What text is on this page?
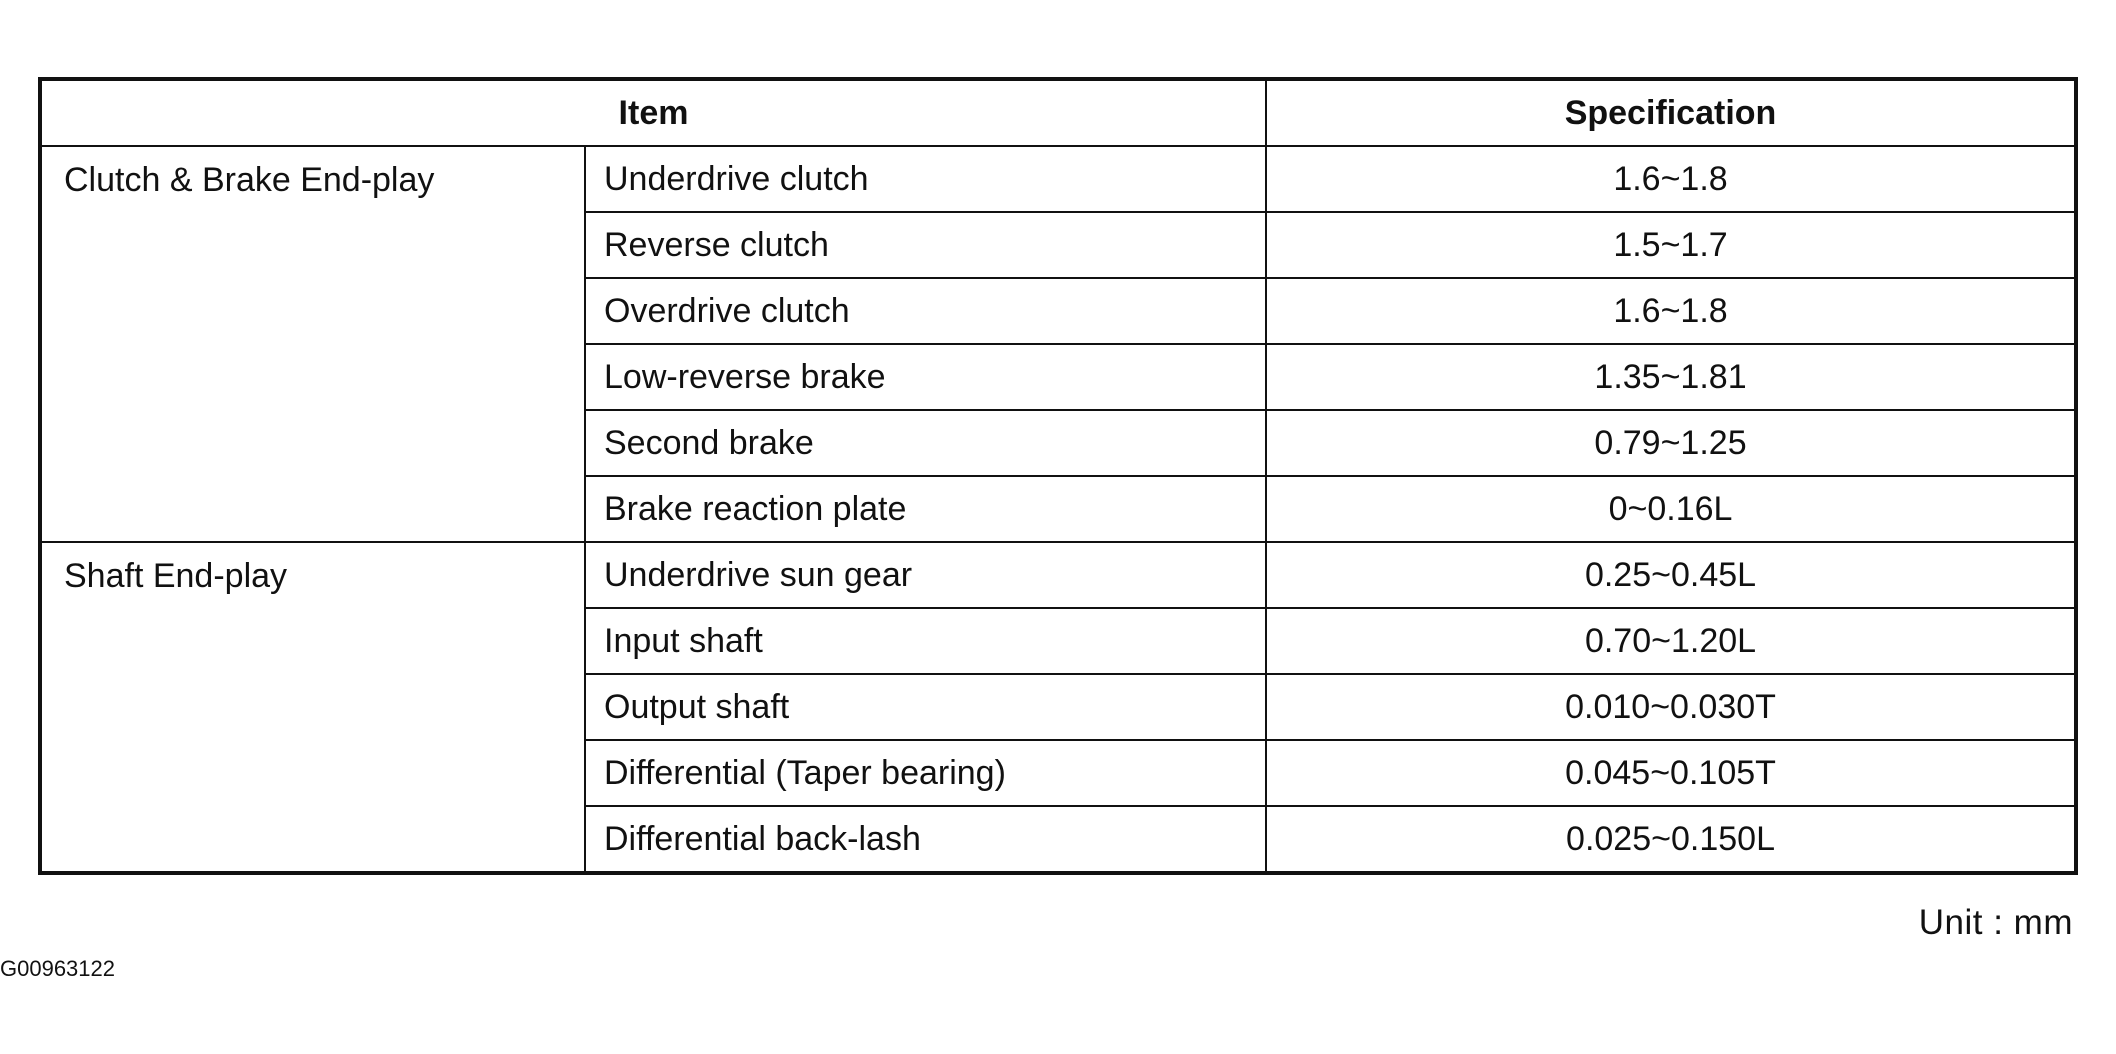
Item		Specification
Clutch & Brake End-play	Underdrive clutch	1.6~1.8
	Reverse clutch	1.5~1.7
	Overdrive clutch	1.6~1.8
	Low-reverse brake	1.35~1.81
	Second brake	0.79~1.25
	Brake reaction plate	0~0.16L
Shaft End-play	Underdrive sun gear	0.25~0.45L
	Input shaft	0.70~1.20L
	Output shaft	0.010~0.030T
	Differential (Taper bearing)	0.045~0.105T
	Differential back-lash	0.025~0.150L
Unit : mm
G00963122
